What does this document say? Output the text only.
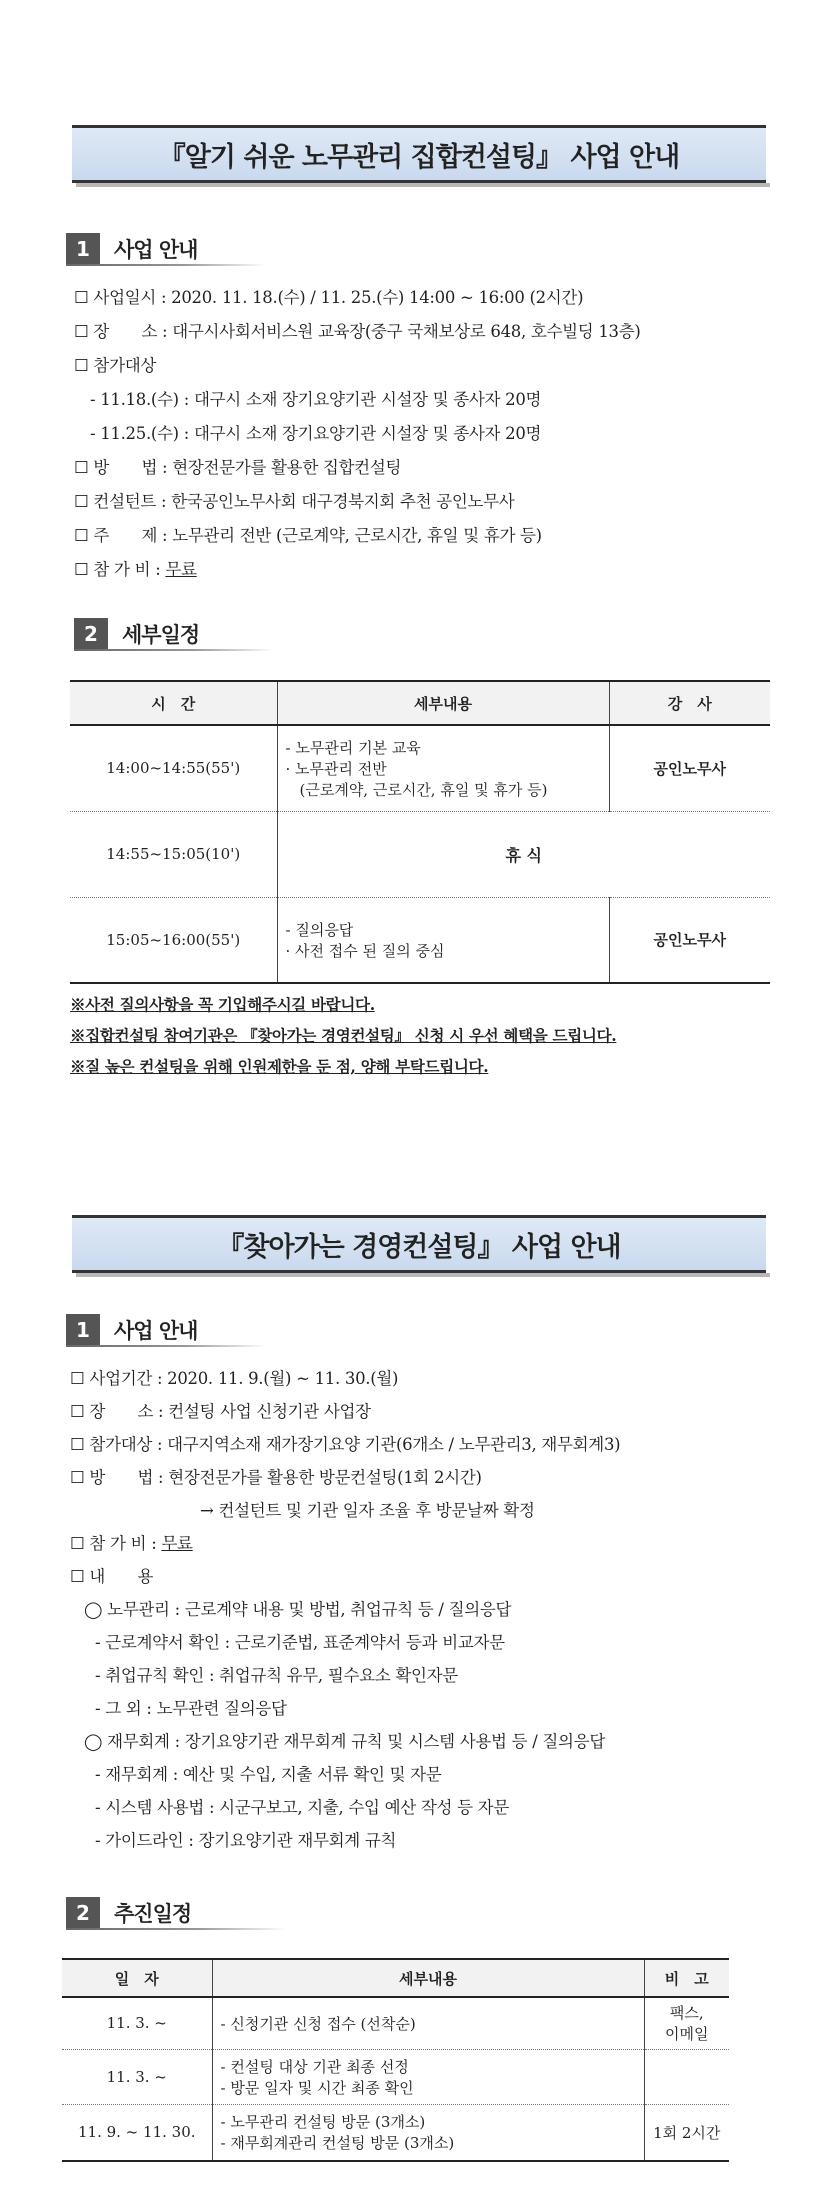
『알기 쉬운 노무관리 집합컨설팅』 사업 안내
1	사업 안내
☐ 사업일시 : 2020. 11. 18.(수) / 11. 25.(수) 14:00 ~ 16:00 (2시간)
☐ 장　　소 : 대구시사회서비스원 교육장(중구 국채보상로 648, 호수빌딩 13층)
☐ 참가대상
- 11.18.(수) : 대구시 소재 장기요양기관 시설장 및 종사자 20명
- 11.25.(수) : 대구시 소재 장기요양기관 시설장 및 종사자 20명
☐ 방　　법 : 현장전문가를 활용한 집합컨설팅
☐ 컨설턴트 : 한국공인노무사회 대구경북지회 추천 공인노무사
☐ 주　　제 : 노무관리 전반 (근로계약, 근로시간, 휴일 및 휴가 등)
☐ 참 가 비 : 무료
2	세부일정
시　간	세부내용	강　사
14:00~14:55(55')	- 노무관리 기본 교육
· 노무관리 전반
(근로계약, 근로시간, 휴일 및 휴가 등)	공인노무사
14:55~15:05(10')	휴 식	
15:05~16:00(55')	- 질의응답
· 사전 접수 된 질의 중심	공인노무사
※사전 질의사항을 꼭 기입해주시길 바랍니다.
※집합컨설팅 참여기관은 『찾아가는 경영컨설팅』 신청 시 우선 혜택을 드립니다.
※질 높은 컨설팅을 위해 인원제한을 둔 점, 양해 부탁드립니다.
『찾아가는 경영컨설팅』 사업 안내
1	사업 안내
☐ 사업기간 : 2020. 11. 9.(월) ~ 11. 30.(월)
☐ 장　　소 : 컨설팅 사업 신청기관 사업장
☐ 참가대상 : 대구지역소재 재가장기요양 기관(6개소 / 노무관리3, 재무회계3)
☐ 방　　법 : 현장전문가를 활용한 방문컨설팅(1회 2시간)
→ 컨설턴트 및 기관 일자 조율 후 방문날짜 확정
☐ 참 가 비 : 무료
☐ 내　　용
◯ 노무관리 : 근로계약 내용 및 방법, 취업규칙 등 / 질의응답
- 근로계약서 확인 : 근로기준법, 표준계약서 등과 비교자문
- 취업규칙 확인 : 취업규칙 유무, 필수요소 확인자문
- 그 외 : 노무관련 질의응답
◯ 재무회계 : 장기요양기관 재무회계 규칙 및 시스템 사용법 등 / 질의응답
- 재무회계 : 예산 및 수입, 지출 서류 확인 및 자문
- 시스템 사용법 : 시군구보고, 지출, 수입 예산 작성 등 자문
- 가이드라인 : 장기요양기관 재무회계 규칙
2	추진일정
일　자	세부내용	비　고
11. 3. ~	- 신청기관 신청 접수 (선착순)	팩스,
이메일

11. 3. ~	- 컨설팅 대상 기관 최종 선정
- 방문 일자 및 시간 최종 확인	

11. 9. ~ 11. 30.	- 노무관리 컨설팅 방문 (3개소)
- 재무회계관리 컨설팅 방문 (3개소)	1회 2시간
